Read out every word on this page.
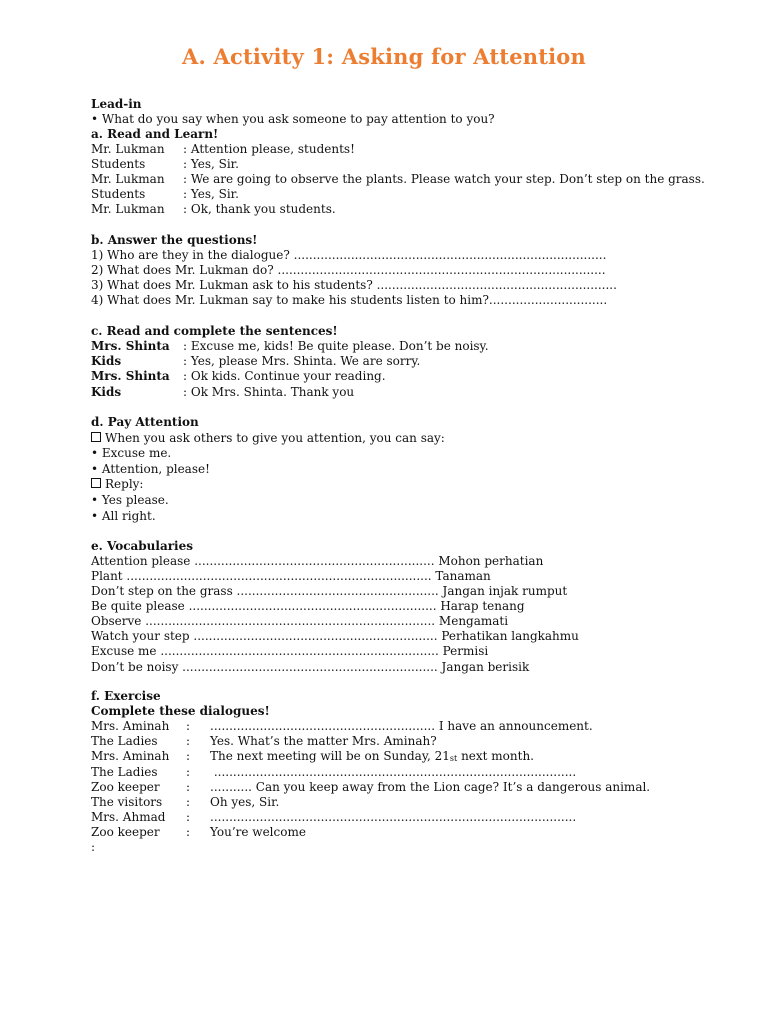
A. Activity 1: Asking for Attention
Lead-in
• What do you say when you ask someone to pay attention to you?
a. Read and Learn!
Mr. Lukman : Attention please, students!
Students	: Yes, Sir.
Mr. Lukman : We are going to observe the plants. Please watch your step. Don’t step on the grass.
Students	: Yes, Sir.
Mr. Lukman : Ok, thank you students.
b. Answer the questions!
1) Who are they in the dialogue? ..................................................................................
2) What does Mr. Lukman do? ......................................................................................
3) What does Mr. Lukman ask to his students? ...............................................................
4) What does Mr. Lukman say to make his students listen to him?...............................
c. Read and complete the sentences!
Mrs. Shinta : Excuse me, kids! Be quite please. Don’t be noisy.
Kids	: Yes, please Mrs. Shinta. We are sorry.
Mrs. Shinta : Ok kids. Continue your reading.
Kids	: Ok Mrs. Shinta. Thank you
d. Pay Attention
When you ask others to give you attention, you can say:
• Excuse me.
• Attention, please!
Reply:
• Yes please.
• All right.
e. Vocabularies
Attention please ............................................................... Mohon perhatian
Plant ................................................................................ Tanaman
Don’t step on the grass ..................................................... Jangan injak rumput
Be quite please ................................................................. Harap tenang
Observe ............................................................................ Mengamati
Watch your step ................................................................ Perhatikan langkahmu
Excuse me ......................................................................... Permisi
Don’t be noisy ................................................................... Jangan berisik
f. Exercise
Complete these dialogues!
Mrs. Aminah : ........................................................... I have an announcement.
The Ladies : Yes. What’s the matter Mrs. Aminah?
Mrs. Aminah : The next meeting will be on Sunday, $21_{st}$ next month.
The Ladies : ...............................................................................................
Zoo keeper : ........... Can you keep away from the Lion cage? It’s a dangerous animal.
The visitors : Oh yes, Sir.
Mrs. Ahmad : ................................................................................................
Zoo keeper : You’re welcome
:
